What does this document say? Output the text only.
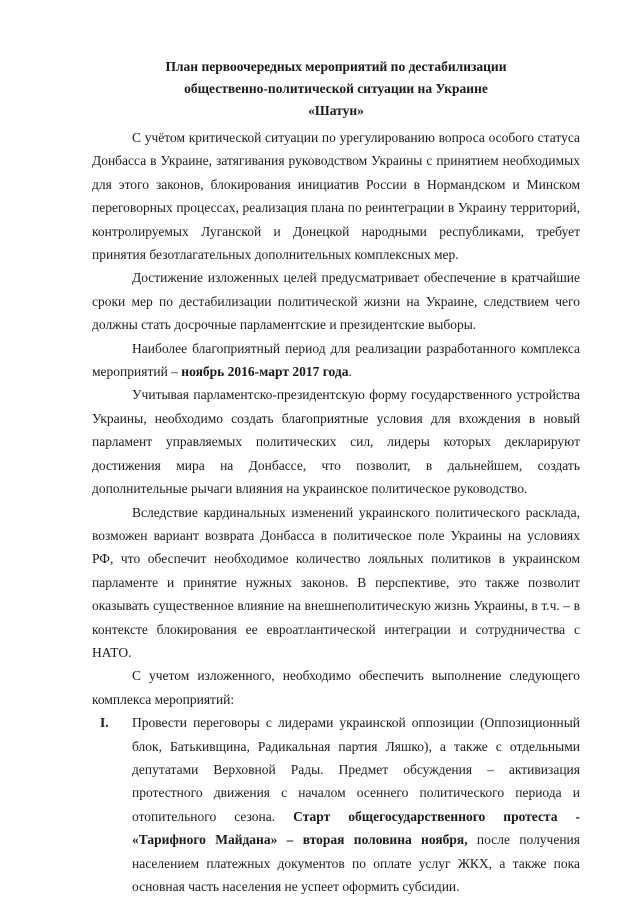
План первоочередных мероприятий по дестабилизации

общественно-политической ситуации на Украине

«Шатун»

С учётом критической ситуации по урегулированию вопроса особого статуса Донбасса в Украине, затягивания руководством Украины с принятием необходимых для этого законов, блокирования инициатив России в Нормандском и Минском переговорных процессах, реализация плана по реинтеграции в Украину территорий, контролируемых Луганской и Донецкой народными республиками, требует принятия безотлагательных дополнительных комплексных мер.

Достижение изложенных целей предусматривает обеспечение в кратчайшие сроки мер по дестабилизации политической жизни на Украине, следствием чего должны стать досрочные парламентские и президентские выборы.

Наиболее благоприятный период для реализации разработанного комплекса мероприятий – ноябрь 2016-март 2017 года.

Учитывая парламентско-президентскую форму государственного устройства Украины, необходимо создать благоприятные условия для вхождения в новый парламент управляемых политических сил, лидеры которых декларируют достижения мира на Донбассе, что позволит, в дальнейшем, создать дополнительные рычаги влияния на украинское политическое руководство.

Вследствие кардинальных изменений украинского политического расклада, возможен вариант возврата Донбасса в политическое поле Украины на условиях РФ, что обеспечит необходимое количество лояльных политиков в украинском парламенте и принятие нужных законов. В перспективе, это также позволит оказывать существенное влияние на внешнеполитическую жизнь Украины, в т.ч. – в контексте блокирования ее евроатлантической интеграции и сотрудничества с НАТО.

С учетом изложенного, необходимо обеспечить выполнение следующего комплекса мероприятий:

I.	Провести переговоры с лидерами украинской оппозиции (Оппозиционный блок, Батькивщина, Радикальная партия Ляшко), а также с отдельными депутатами Верховной Рады. Предмет обсуждения – активизация протестного движения с началом осеннего политического периода и отопительного сезона. Старт общегосударственного протеста - «Тарифного Майдана» – вторая половина ноября, после получения населением платежных документов по оплате услуг ЖКХ, а также пока основная часть населения не успеет оформить субсидии.
